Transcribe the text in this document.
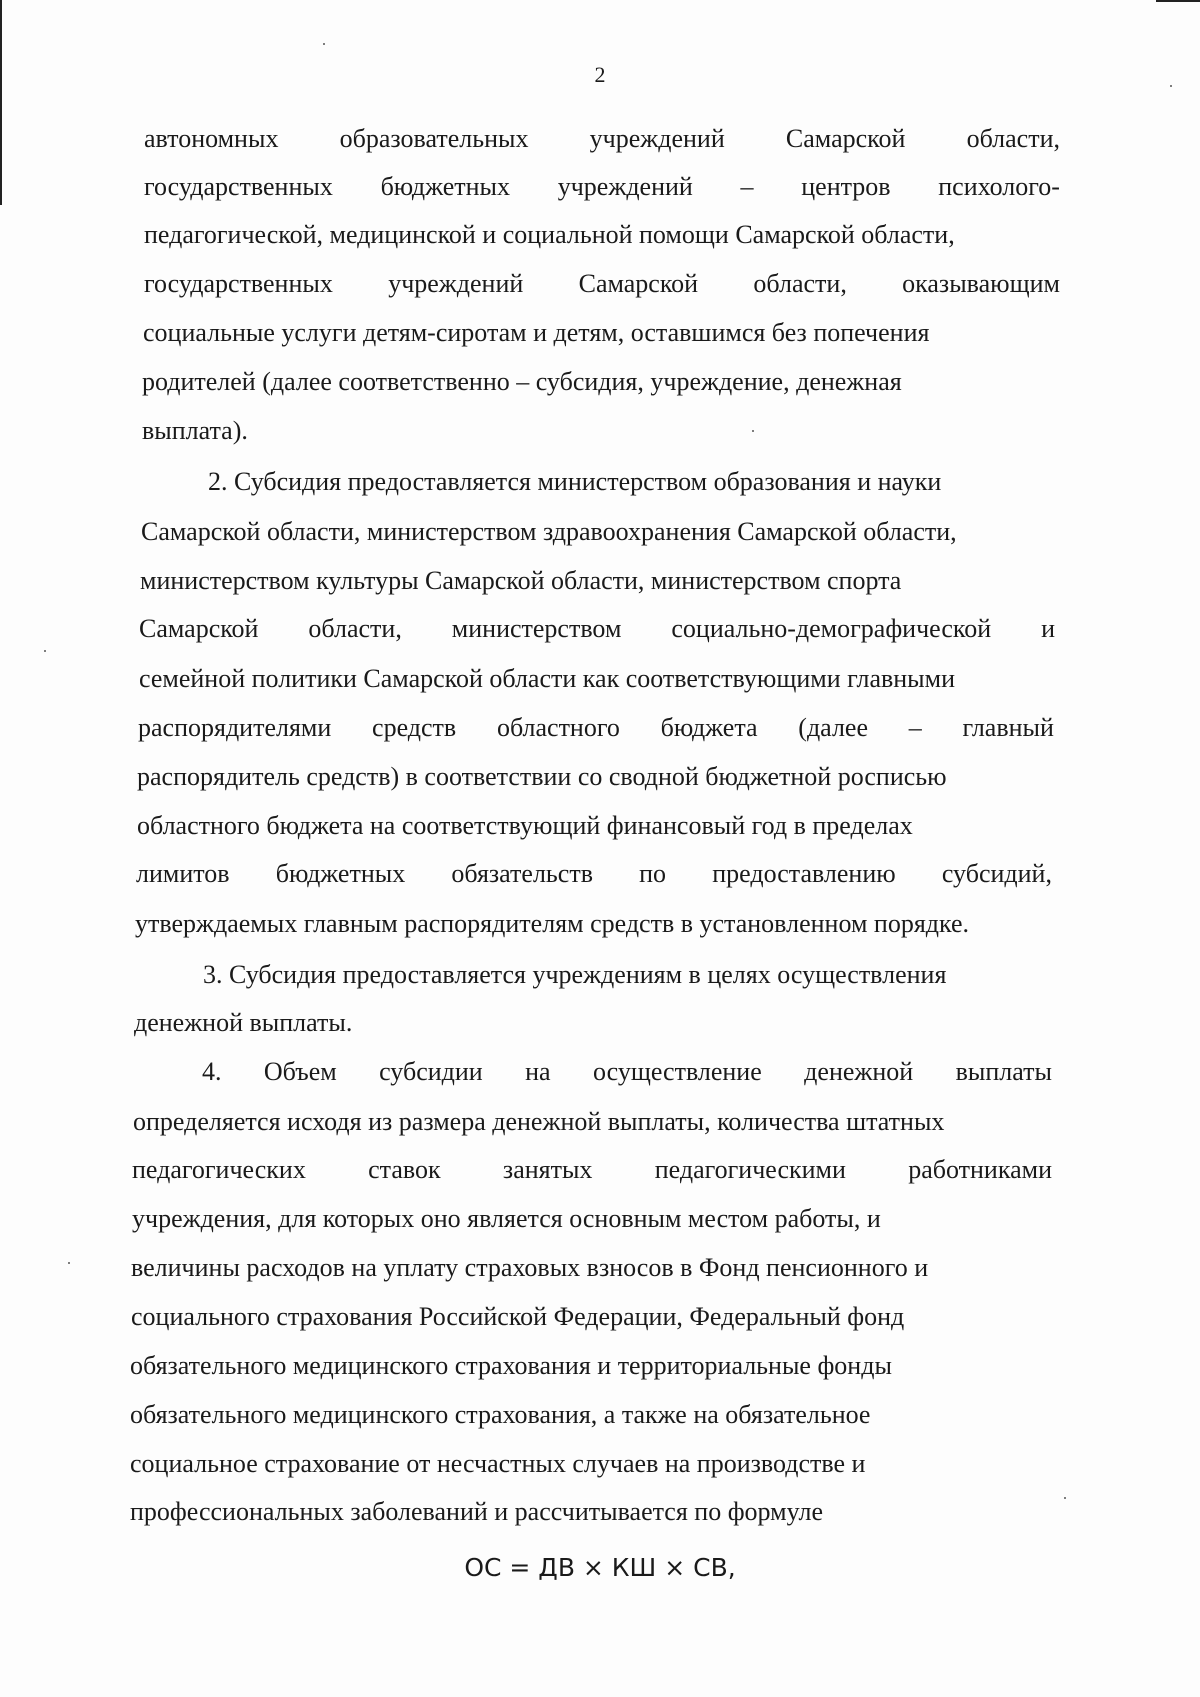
2
автономных образовательных учреждений Самарской области,
государственных бюджетных учреждений – центров психолого-
педагогической, медицинской и социальной помощи Самарской области,
государственных учреждений Самарской области, оказывающим
социальные услуги детям-сиротам и детям, оставшимся без попечения
родителей (далее соответственно – субсидия, учреждение, денежная
выплата).
2. Субсидия предоставляется министерством образования и науки
Самарской области, министерством здравоохранения Самарской области,
министерством культуры Самарской области, министерством спорта
Самарской области, министерством социально-демографической и
семейной политики Самарской области как соответствующими главными
распорядителями средств областного бюджета (далее – главный
распорядитель средств) в соответствии со сводной бюджетной росписью
областного бюджета на соответствующий финансовый год в пределах
лимитов бюджетных обязательств по предоставлению субсидий,
утверждаемых главным распорядителям средств в установленном порядке.
3. Субсидия предоставляется учреждениям в целях осуществления
денежной выплаты.
4. Объем субсидии на осуществление денежной выплаты
определяется исходя из размера денежной выплаты, количества штатных
педагогических ставок занятых педагогическими работниками
учреждения, для которых оно является основным местом работы, и
величины расходов на уплату страховых взносов в Фонд пенсионного и
социального страхования Российской Федерации, Федеральный фонд
обязательного медицинского страхования и территориальные фонды
обязательного медицинского страхования, а также на обязательное
социальное страхование от несчастных случаев на производстве и
профессиональных заболеваний и рассчитывается по формуле
ОС = ДВ × КШ × СВ,
